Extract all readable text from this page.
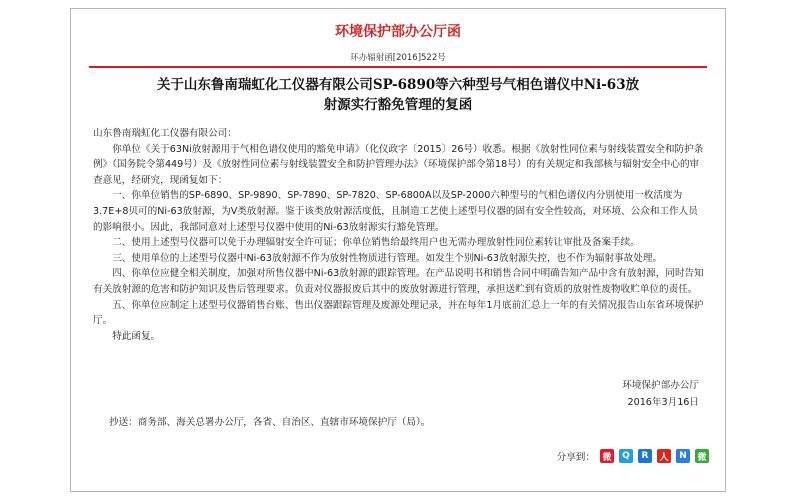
环境保护部办公厅函
环办辐射函[2016]522号
关于山东鲁南瑞虹化工仪器有限公司SP-6890等六种型号气相色谱仪中Ni-63放
射源实行豁免管理的复函

山东鲁南瑞虹化工仪器有限公司：

你单位《关于63Ni放射源用于气相色谱仪使用的豁免申请》（化仪政字〔2015〕26号）收悉。根据《放射性同位素与射线装置安全和防护条例》（国务院令第449号）及《放射性同位素与射线装置安全和防护管理办法》（环境保护部令第18号）的有关规定和我部核与辐射安全中心的审查意见，经研究，现函复如下：

一、你单位销售的SP-6890、SP-9890、SP-7890、SP-7820、SP-6800A以及SP-2000六种型号的气相色谱仪内分别使用一枚活度为3.7E+8贝可的Ni-63放射源，为Ⅴ类放射源。鉴于该类放射源活度低，且制造工艺使上述型号仪器的固有安全性较高，对环境、公众和工作人员的影响很小。因此，我部同意对上述型号仪器中使用的Ni-63放射源实行豁免管理。

二、使用上述型号仪器可以免于办理辐射安全许可证；你单位销售给最终用户也无需办理放射性同位素转让审批及备案手续。

三、使用单位的上述型号仪器中Ni-63放射源不作为放射性物质进行管理。如发生个别Ni-63放射源失控，也不作为辐射事故处理。

四、你单位应健全相关制度，加强对所售仪器中Ni-63放射源的跟踪管理。在产品说明书和销售合同中明确告知产品中含有放射源，同时告知有关放射源的危害和防护知识及售后管理要求。负责对仪器报废后其中的废放射源进行管理，承担送贮到有资质的放射性废物收贮单位的责任。

五、你单位应制定上述型号仪器销售台账、售出仪器跟踪管理及废源处理记录，并在每年1月底前汇总上一年的有关情况报告山东省环境保护厅。

特此函复。

环境保护部办公厅
2016年3月16日
抄送：商务部、海关总署办公厅，各省、自治区、直辖市环境保护厅（局）。
分享到： 微	Q	R	人	N	微
